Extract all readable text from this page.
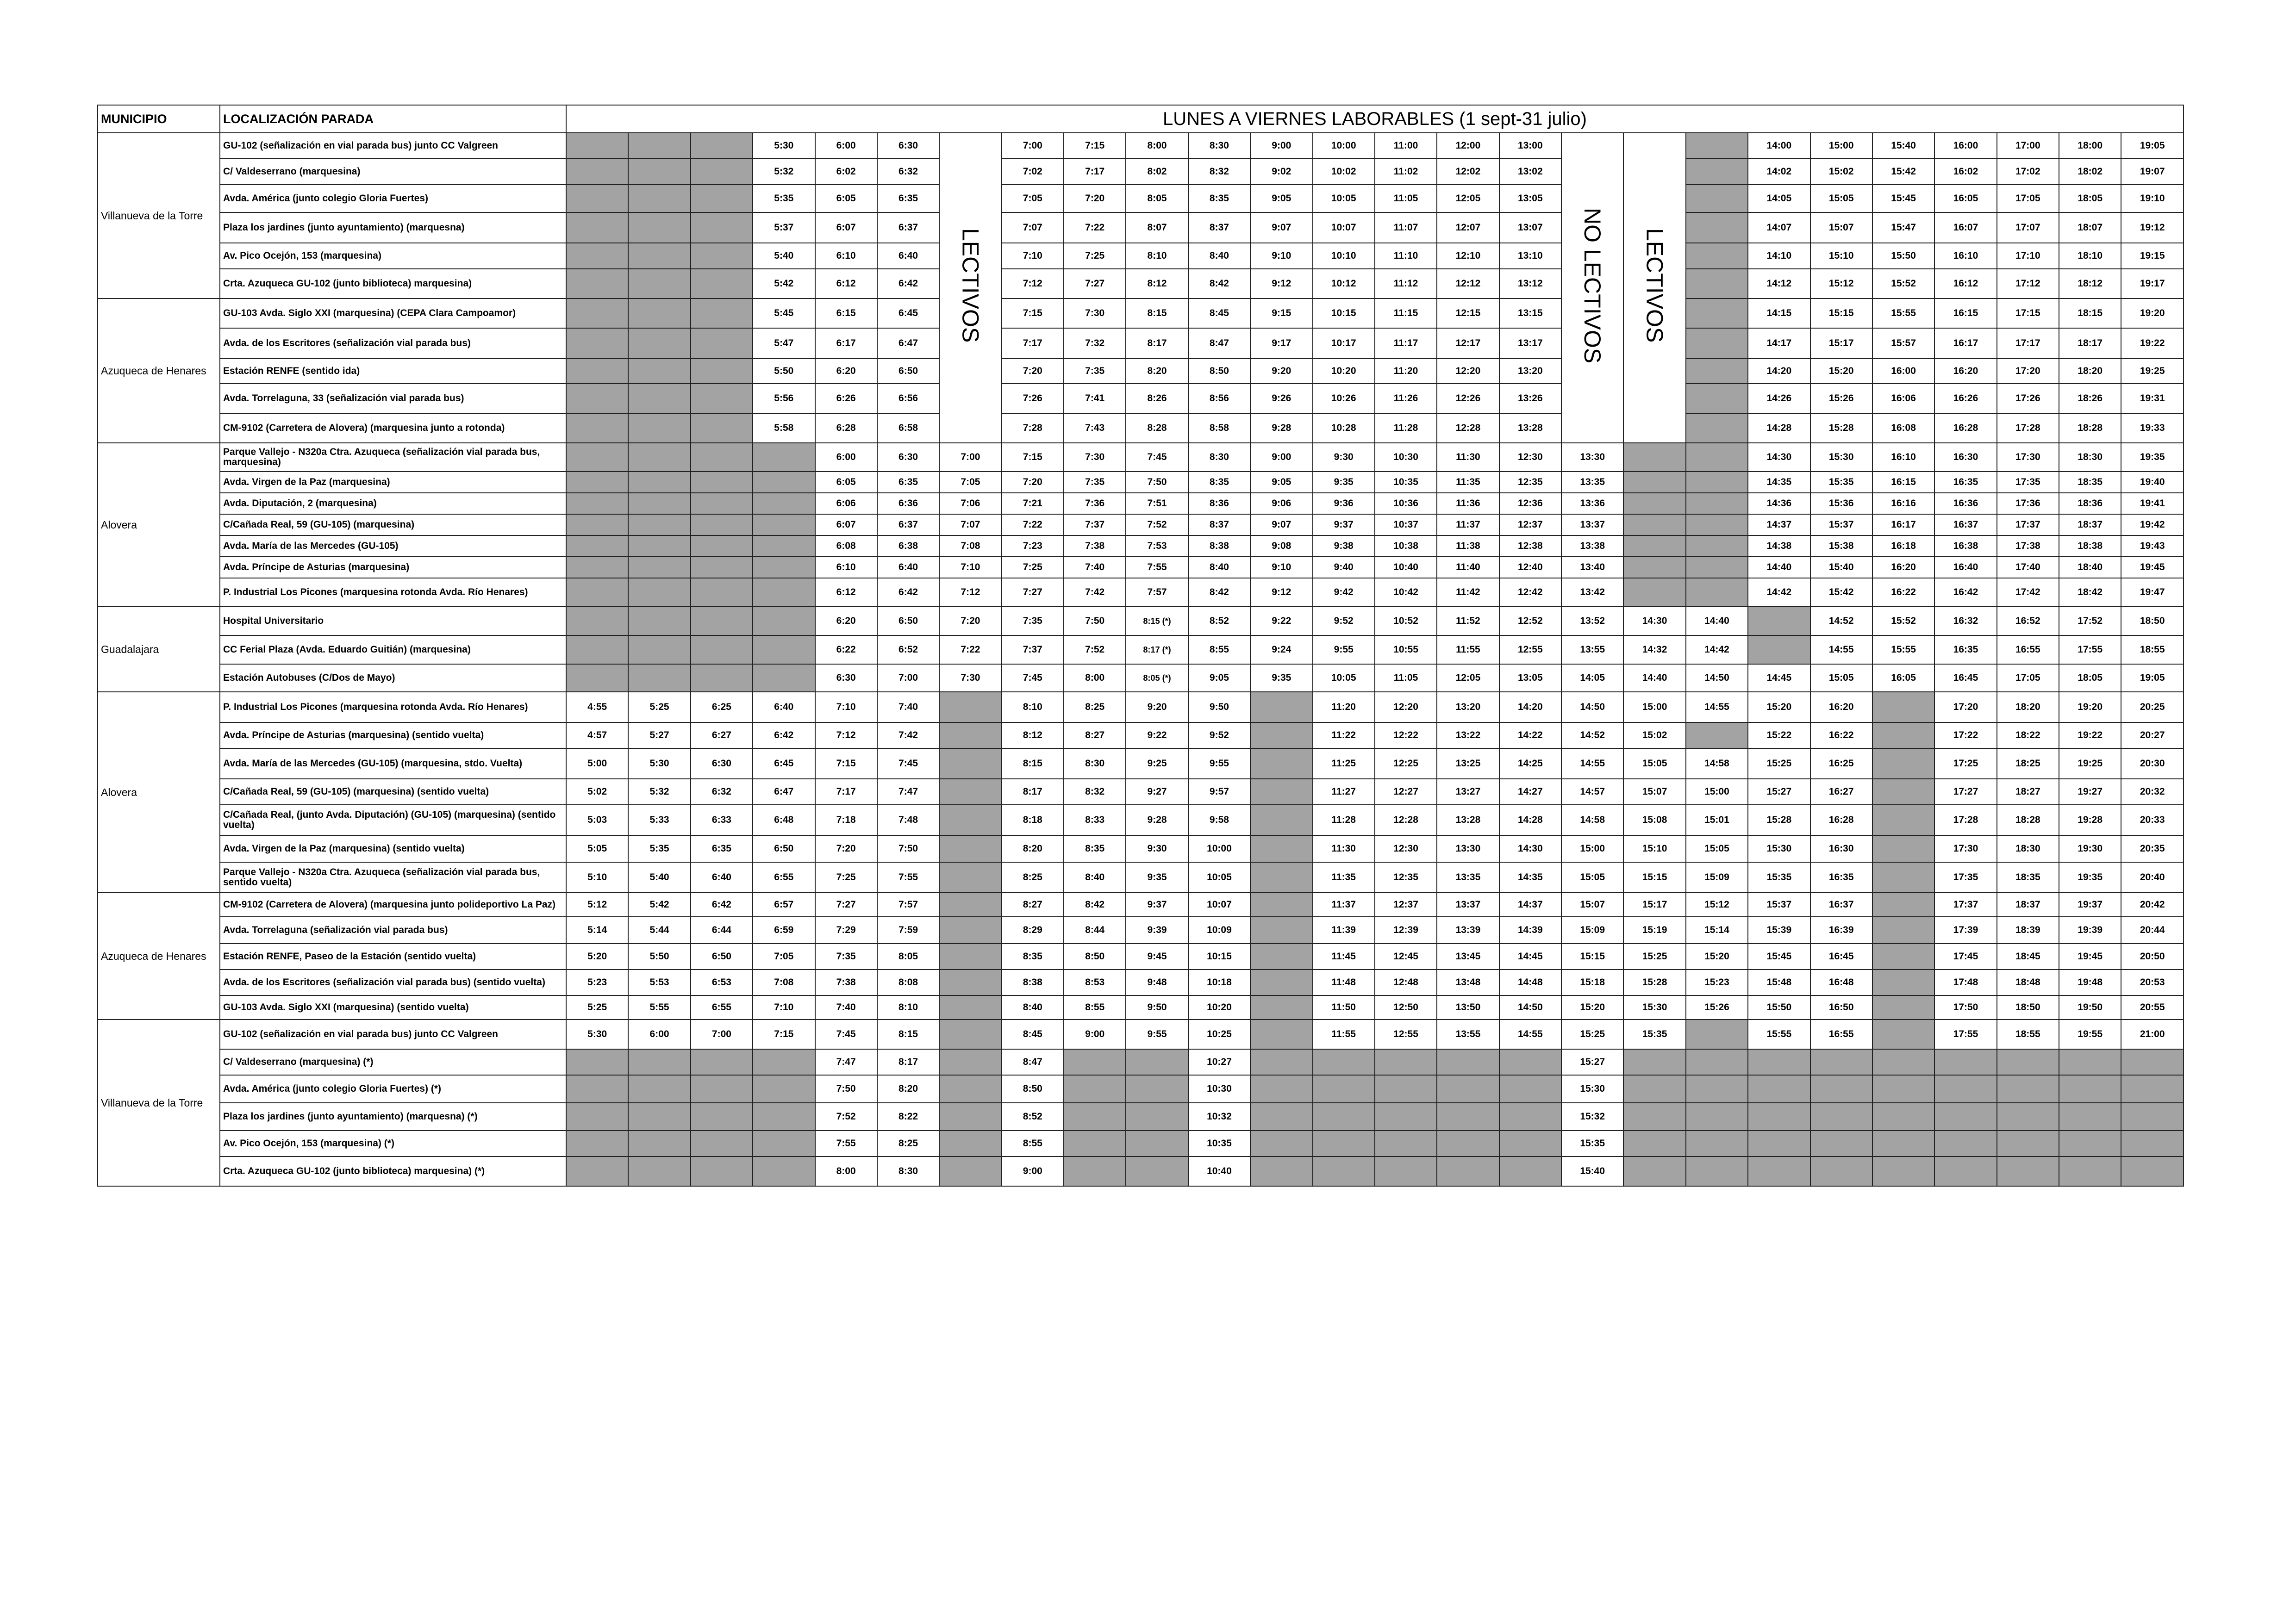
MUNICIPIO	LOCALIZACIÓN PARADA	LUNES A VIERNES LABORABLES (1 sept-31 julio)																									
Villanueva de la Torre	GU-102 (señalización en vial parada bus) junto CC Valgreen				5:30	6:00	6:30	LECTIVOS	7:00	7:15	8:00	8:30	9:00	10:00	11:00	12:00	13:00	NO LECTIVOS	LECTIVOS		14:00	15:00	15:40	16:00	17:00	18:00	19:05
	C/ Valdeserrano (marquesina)				5:32	6:02	6:32		7:02	7:17	8:02	8:32	9:02	10:02	11:02	12:02	13:02				14:02	15:02	15:42	16:02	17:02	18:02	19:07
	Avda. América (junto colegio Gloria Fuertes)				5:35	6:05	6:35		7:05	7:20	8:05	8:35	9:05	10:05	11:05	12:05	13:05				14:05	15:05	15:45	16:05	17:05	18:05	19:10
	Plaza los jardines (junto ayuntamiento) (marquesna)				5:37	6:07	6:37		7:07	7:22	8:07	8:37	9:07	10:07	11:07	12:07	13:07				14:07	15:07	15:47	16:07	17:07	18:07	19:12
	Av. Pico Ocejón, 153 (marquesina)				5:40	6:10	6:40		7:10	7:25	8:10	8:40	9:10	10:10	11:10	12:10	13:10				14:10	15:10	15:50	16:10	17:10	18:10	19:15
	Crta. Azuqueca GU-102 (junto biblioteca) marquesina)				5:42	6:12	6:42		7:12	7:27	8:12	8:42	9:12	10:12	11:12	12:12	13:12				14:12	15:12	15:52	16:12	17:12	18:12	19:17
Azuqueca de Henares	GU-103 Avda. Siglo XXI (marquesina) (CEPA Clara Campoamor)				5:45	6:15	6:45		7:15	7:30	8:15	8:45	9:15	10:15	11:15	12:15	13:15				14:15	15:15	15:55	16:15	17:15	18:15	19:20
	Avda. de los Escritores (señalización vial parada bus)				5:47	6:17	6:47		7:17	7:32	8:17	8:47	9:17	10:17	11:17	12:17	13:17				14:17	15:17	15:57	16:17	17:17	18:17	19:22
	Estación RENFE (sentido ida)				5:50	6:20	6:50		7:20	7:35	8:20	8:50	9:20	10:20	11:20	12:20	13:20				14:20	15:20	16:00	16:20	17:20	18:20	19:25
	Avda. Torrelaguna, 33 (señalización vial parada bus)				5:56	6:26	6:56		7:26	7:41	8:26	8:56	9:26	10:26	11:26	12:26	13:26				14:26	15:26	16:06	16:26	17:26	18:26	19:31
	CM-9102 (Carretera de Alovera) (marquesina junto a rotonda)				5:58	6:28	6:58		7:28	7:43	8:28	8:58	9:28	10:28	11:28	12:28	13:28				14:28	15:28	16:08	16:28	17:28	18:28	19:33
Alovera	Parque Vallejo - N320a Ctra. Azuqueca (señalización vial parada bus, marquesina)					6:00	6:30	7:00	7:15	7:30	7:45	8:30	9:00	9:30	10:30	11:30	12:30	13:30			14:30	15:30	16:10	16:30	17:30	18:30	19:35
	Avda. Virgen de la Paz (marquesina)					6:05	6:35	7:05	7:20	7:35	7:50	8:35	9:05	9:35	10:35	11:35	12:35	13:35			14:35	15:35	16:15	16:35	17:35	18:35	19:40
	Avda. Diputación, 2 (marquesina)					6:06	6:36	7:06	7:21	7:36	7:51	8:36	9:06	9:36	10:36	11:36	12:36	13:36			14:36	15:36	16:16	16:36	17:36	18:36	19:41
	C/Cañada Real, 59 (GU-105) (marquesina)					6:07	6:37	7:07	7:22	7:37	7:52	8:37	9:07	9:37	10:37	11:37	12:37	13:37			14:37	15:37	16:17	16:37	17:37	18:37	19:42
	Avda. María de las Mercedes (GU-105)					6:08	6:38	7:08	7:23	7:38	7:53	8:38	9:08	9:38	10:38	11:38	12:38	13:38			14:38	15:38	16:18	16:38	17:38	18:38	19:43
	Avda. Príncipe de Asturias (marquesina)					6:10	6:40	7:10	7:25	7:40	7:55	8:40	9:10	9:40	10:40	11:40	12:40	13:40			14:40	15:40	16:20	16:40	17:40	18:40	19:45
	P. Industrial Los Picones (marquesina rotonda Avda. Río Henares)					6:12	6:42	7:12	7:27	7:42	7:57	8:42	9:12	9:42	10:42	11:42	12:42	13:42			14:42	15:42	16:22	16:42	17:42	18:42	19:47
Guadalajara	Hospital Universitario					6:20	6:50	7:20	7:35	7:50	8:15 (*)	8:52	9:22	9:52	10:52	11:52	12:52	13:52	14:30	14:40		14:52	15:52	16:32	16:52	17:52	18:50
	CC Ferial Plaza (Avda. Eduardo Guitián) (marquesina)					6:22	6:52	7:22	7:37	7:52	8:17 (*)	8:55	9:24	9:55	10:55	11:55	12:55	13:55	14:32	14:42		14:55	15:55	16:35	16:55	17:55	18:55
	Estación Autobuses (C/Dos de Mayo)					6:30	7:00	7:30	7:45	8:00	8:05 (*)	9:05	9:35	10:05	11:05	12:05	13:05	14:05	14:40	14:50	14:45	15:05	16:05	16:45	17:05	18:05	19:05
Alovera	P. Industrial Los Picones (marquesina rotonda Avda. Río Henares)	4:55	5:25	6:25	6:40	7:10	7:40		8:10	8:25	9:20	9:50		11:20	12:20	13:20	14:20	14:50	15:00	14:55	15:20	16:20		17:20	18:20	19:20	20:25
	Avda. Príncipe de Asturias (marquesina) (sentido vuelta)	4:57	5:27	6:27	6:42	7:12	7:42		8:12	8:27	9:22	9:52		11:22	12:22	13:22	14:22	14:52	15:02		15:22	16:22		17:22	18:22	19:22	20:27
	Avda. María de las Mercedes (GU-105) (marquesina, stdo. Vuelta)	5:00	5:30	6:30	6:45	7:15	7:45		8:15	8:30	9:25	9:55		11:25	12:25	13:25	14:25	14:55	15:05	14:58	15:25	16:25		17:25	18:25	19:25	20:30
	C/Cañada Real, 59 (GU-105) (marquesina) (sentido vuelta)	5:02	5:32	6:32	6:47	7:17	7:47		8:17	8:32	9:27	9:57		11:27	12:27	13:27	14:27	14:57	15:07	15:00	15:27	16:27		17:27	18:27	19:27	20:32
	C/Cañada Real, (junto Avda. Diputación) (GU-105) (marquesina) (sentido vuelta)	5:03	5:33	6:33	6:48	7:18	7:48		8:18	8:33	9:28	9:58		11:28	12:28	13:28	14:28	14:58	15:08	15:01	15:28	16:28		17:28	18:28	19:28	20:33
	Avda. Virgen de la Paz (marquesina) (sentido vuelta)	5:05	5:35	6:35	6:50	7:20	7:50		8:20	8:35	9:30	10:00		11:30	12:30	13:30	14:30	15:00	15:10	15:05	15:30	16:30		17:30	18:30	19:30	20:35
	Parque Vallejo - N320a Ctra. Azuqueca (señalización vial parada bus, sentido vuelta)	5:10	5:40	6:40	6:55	7:25	7:55		8:25	8:40	9:35	10:05		11:35	12:35	13:35	14:35	15:05	15:15	15:09	15:35	16:35		17:35	18:35	19:35	20:40
Azuqueca de Henares	CM-9102 (Carretera de Alovera) (marquesina junto polideportivo La Paz)	5:12	5:42	6:42	6:57	7:27	7:57		8:27	8:42	9:37	10:07		11:37	12:37	13:37	14:37	15:07	15:17	15:12	15:37	16:37		17:37	18:37	19:37	20:42
	Avda. Torrelaguna (señalización vial parada bus)	5:14	5:44	6:44	6:59	7:29	7:59		8:29	8:44	9:39	10:09		11:39	12:39	13:39	14:39	15:09	15:19	15:14	15:39	16:39		17:39	18:39	19:39	20:44
	Estación RENFE, Paseo de la Estación (sentido vuelta)	5:20	5:50	6:50	7:05	7:35	8:05		8:35	8:50	9:45	10:15		11:45	12:45	13:45	14:45	15:15	15:25	15:20	15:45	16:45		17:45	18:45	19:45	20:50
	Avda. de los Escritores (señalización vial parada bus) (sentido vuelta)	5:23	5:53	6:53	7:08	7:38	8:08		8:38	8:53	9:48	10:18		11:48	12:48	13:48	14:48	15:18	15:28	15:23	15:48	16:48		17:48	18:48	19:48	20:53
	GU-103 Avda. Siglo XXI (marquesina) (sentido vuelta)	5:25	5:55	6:55	7:10	7:40	8:10		8:40	8:55	9:50	10:20		11:50	12:50	13:50	14:50	15:20	15:30	15:26	15:50	16:50		17:50	18:50	19:50	20:55
Villanueva de la Torre	GU-102 (señalización en vial parada bus) junto CC Valgreen	5:30	6:00	7:00	7:15	7:45	8:15		8:45	9:00	9:55	10:25		11:55	12:55	13:55	14:55	15:25	15:35		15:55	16:55		17:55	18:55	19:55	21:00
	C/ Valdeserrano (marquesina) (*)					7:47	8:17		8:47			10:27						15:27									
	Avda. América (junto colegio Gloria Fuertes) (*)					7:50	8:20		8:50			10:30						15:30									
	Plaza los jardines (junto ayuntamiento) (marquesna) (*)					7:52	8:22		8:52			10:32						15:32									
	Av. Pico Ocejón, 153 (marquesina) (*)					7:55	8:25		8:55			10:35						15:35									
	Crta. Azuqueca GU-102 (junto biblioteca) marquesina) (*)					8:00	8:30		9:00			10:40						15:40									
